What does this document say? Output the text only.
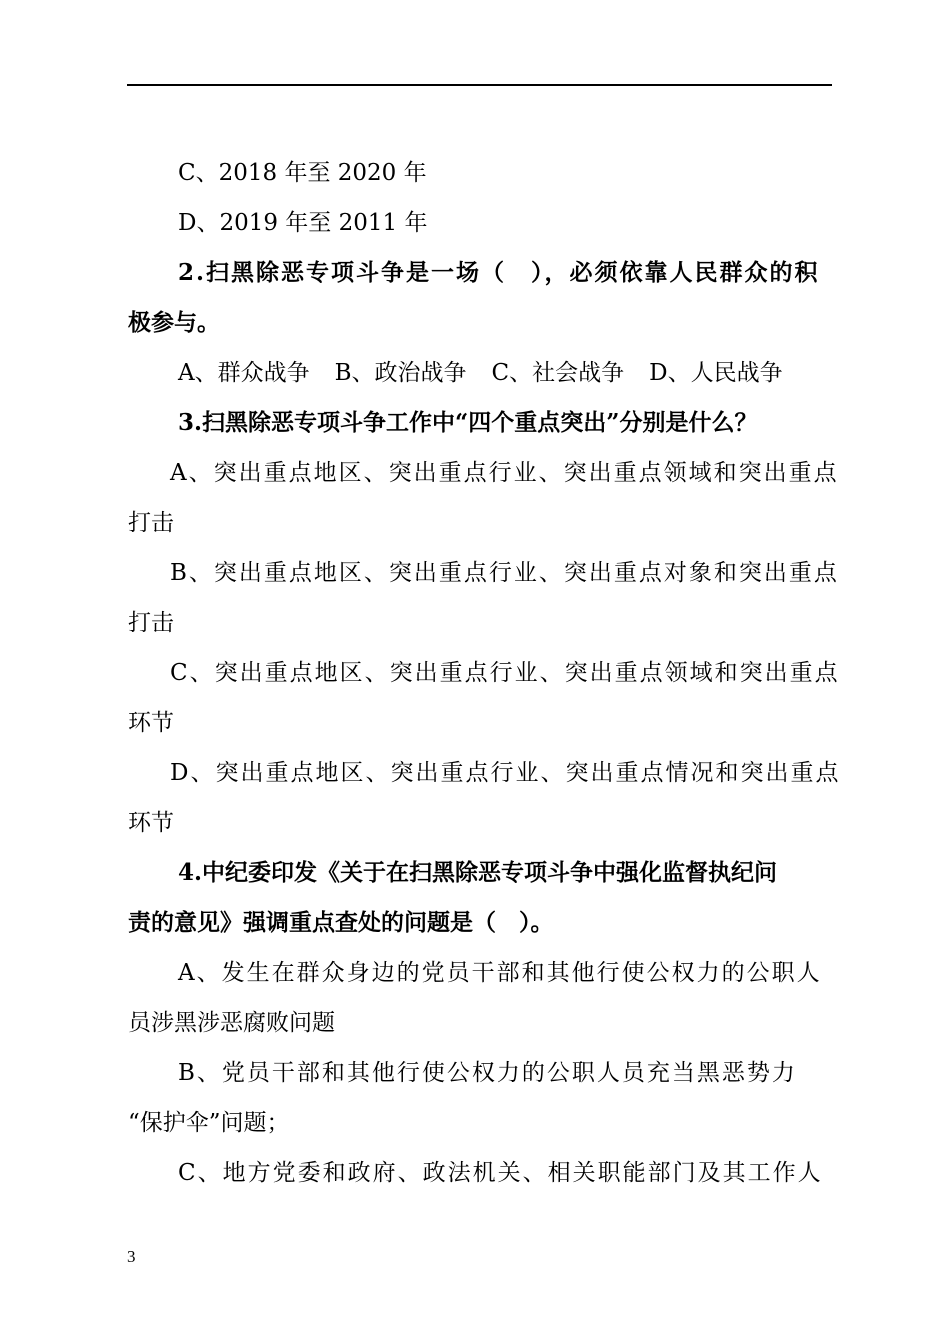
C、2018 年至 2020 年
D、2019 年至 2011 年
2.扫黑除恶专项斗争是一场（　），必须依靠人民群众的积
极参与。
A、群众战争 B、政治战争 C、社会战争 D、人民战争
3.扫黑除恶专项斗争工作中“四个重点突出”分别是什么？
A、突出重点地区、突出重点行业、突出重点领域和突出重点
打击
B、突出重点地区、突出重点行业、突出重点对象和突出重点
打击
C、突出重点地区、突出重点行业、突出重点领域和突出重点
环节
D、突出重点地区、突出重点行业、突出重点情况和突出重点
环节
4.中纪委印发《关于在扫黑除恶专项斗争中强化监督执纪问
责的意见》强调重点查处的问题是（　）。
A、发生在群众身边的党员干部和其他行使公权力的公职人
员涉黑涉恶腐败问题
B、党员干部和其他行使公权力的公职人员充当黑恶势力
“保护伞”问题；
C、地方党委和政府、政法机关、相关职能部门及其工作人
3
